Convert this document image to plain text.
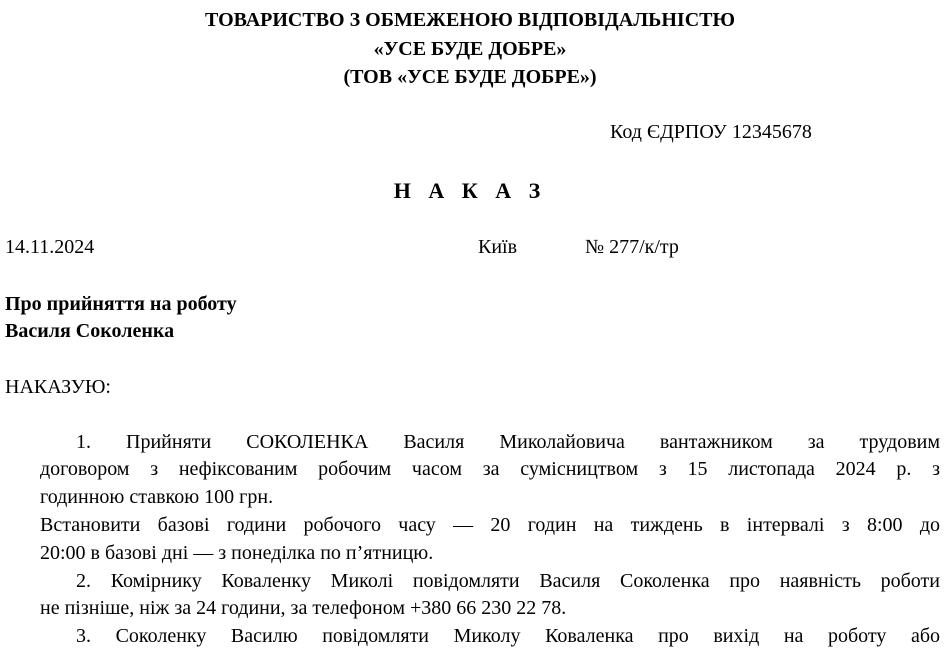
ТОВАРИСТВО З ОБМЕЖЕНОЮ ВІДПОВІДАЛЬНІСТЮ
«УСЕ БУДЕ ДОБРЕ»
(ТОВ «УСЕ БУДЕ ДОБРЕ»)
Код ЄДРПОУ 12345678
Н А К А З
14.11.2024	Київ	№ 277/к/тр
Про прийняття на роботу
Василя Соколенка
НАКАЗУЮ:
1. Прийняти СОКОЛЕНКА Василя Миколайовича вантажником за трудовим
договором з нефіксованим робочим часом за сумісництвом з 15 листопада 2024 р. з
годинною ставкою 100 грн.
Встановити базові години робочого часу — 20 годин на тиждень в інтервалі з 8:00 до
20:00 в базові дні — з понеділка по п’ятницю.
2. Комірнику Коваленку Миколі повідомляти Василя Соколенка про наявність роботи
не пізніше, ніж за 24 години, за телефоном +380 66 230 22 78.
3. Соколенку Василю повідомляти Миколу Коваленка про вихід на роботу або
